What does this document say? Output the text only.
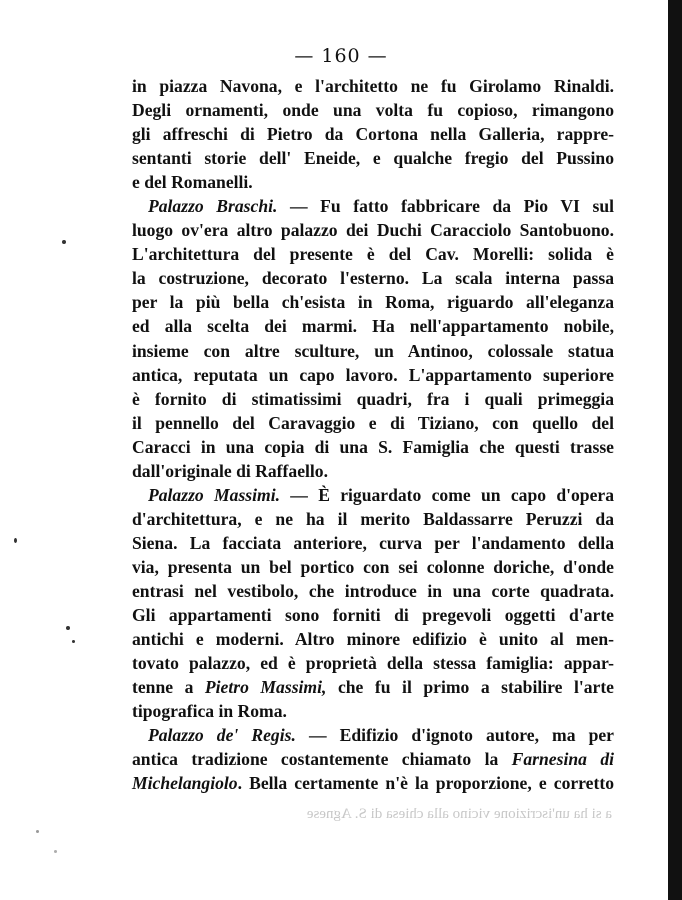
— 160 —
in piazza Navona, e l'architetto ne fu Girolamo Rinaldi.
Degli ornamenti, onde una volta fu copioso, rimangono
gli affreschi di Pietro da Cortona nella Galleria, rappre-
sentanti storie dell' Eneide, e qualche fregio del Pussino
e del Romanelli.
Palazzo Braschi. — Fu fatto fabbricare da Pio VI sul
luogo ov'era altro palazzo dei Duchi Caracciolo Santobuono.
L'architettura del presente è del Cav. Morelli: solida è
la costruzione, decorato l'esterno. La scala interna passa
per la più bella ch'esista in Roma, riguardo all'eleganza
ed alla scelta dei marmi. Ha nell'appartamento nobile,
insieme con altre sculture, un Antinoo, colossale statua
antica, reputata un capo lavoro. L'appartamento superiore
è fornito di stimatissimi quadri, fra i quali primeggia
il pennello del Caravaggio e di Tiziano, con quello del
Caracci in una copia di una S. Famiglia che questi trasse
dall'originale di Raffaello.
Palazzo Massimi. — È riguardato come un capo d'opera
d'architettura, e ne ha il merito Baldassarre Peruzzi da
Siena. La facciata anteriore, curva per l'andamento della
via, presenta un bel portico con sei colonne doriche, d'onde
entrasi nel vestibolo, che introduce in una corte quadrata.
Gli appartamenti sono forniti di pregevoli oggetti d'arte
antichi e moderni. Altro minore edifizio è unito al men-
tovato palazzo, ed è proprietà della stessa famiglia: appar-
tenne a Pietro Massimi, che fu il primo a stabilire l'arte
tipografica in Roma.
Palazzo de' Regis. — Edifizio d'ignoto autore, ma per
antica tradizione costantemente chiamato la Farnesina di
Michelangiolo. Bella certamente n'è la proporzione, e corretto
a si ha un'iscrizione vicino alla chiesa di S. Agnese
